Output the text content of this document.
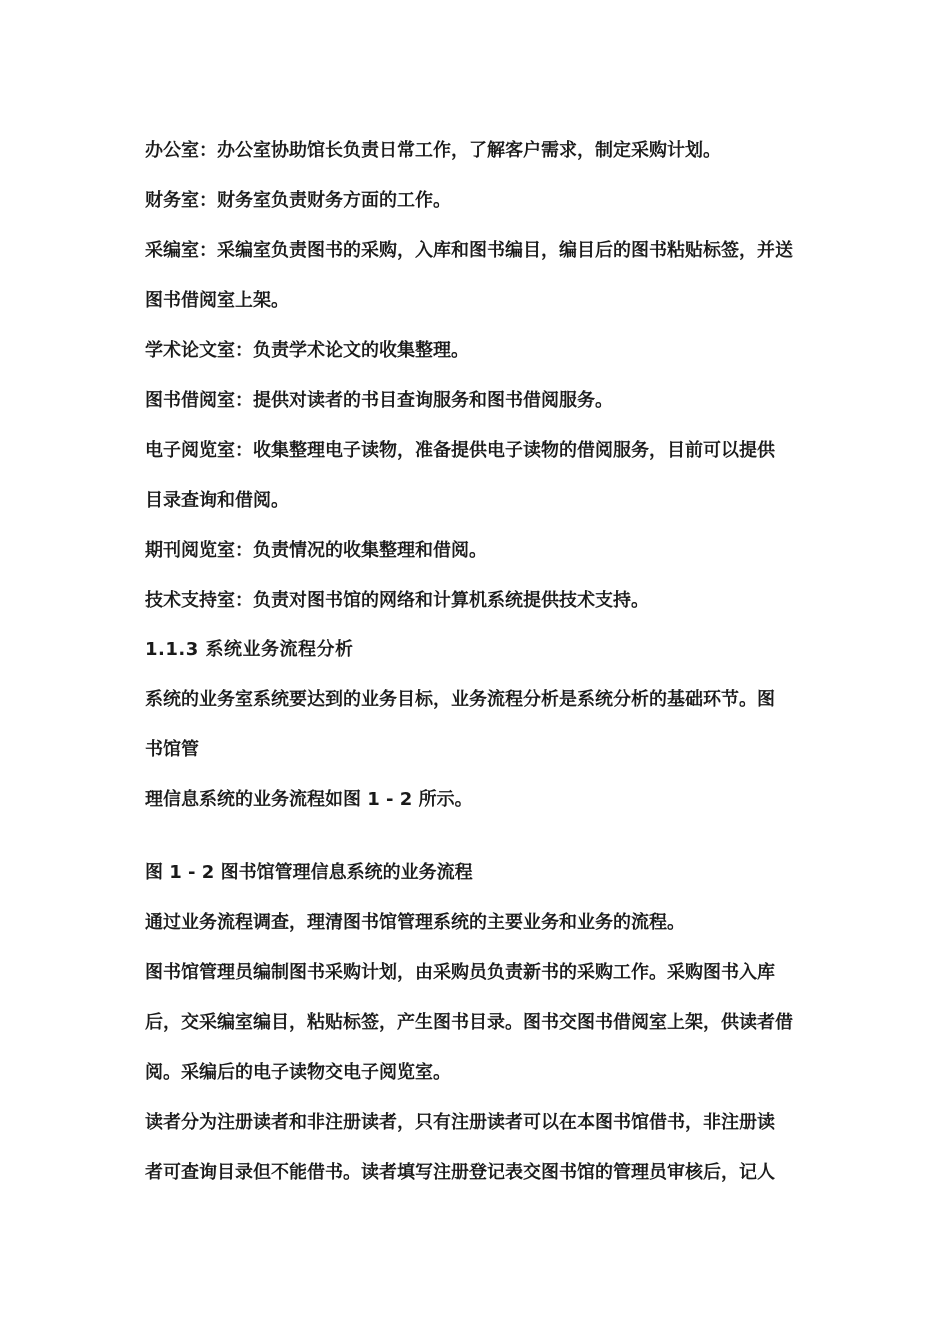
办公室：办公室协助馆长负责日常工作，了解客户需求，制定采购计划。

财务室：财务室负责财务方面的工作。

采编室：采编室负责图书的采购，入库和图书编目，编目后的图书粘贴标签，并送

图书借阅室上架。

学术论文室：负责学术论文的收集整理。

图书借阅室：提供对读者的书目查询服务和图书借阅服务。

电子阅览室：收集整理电子读物，准备提供电子读物的借阅服务，目前可以提供

目录查询和借阅。

期刊阅览室：负责情况的收集整理和借阅。

技术支持室：负责对图书馆的网络和计算机系统提供技术支持。

1.1.3 系统业务流程分析

系统的业务室系统要达到的业务目标，业务流程分析是系统分析的基础环节。图

书馆管

理信息系统的业务流程如图 1 - 2 所示。

图 1 - 2 图书馆管理信息系统的业务流程

通过业务流程调查，理清图书馆管理系统的主要业务和业务的流程。

图书馆管理员编制图书采购计划，由采购员负责新书的采购工作。采购图书入库

后，交采编室编目，粘贴标签，产生图书目录。图书交图书借阅室上架，供读者借

阅。采编后的电子读物交电子阅览室。

读者分为注册读者和非注册读者，只有注册读者可以在本图书馆借书，非注册读

者可查询目录但不能借书。读者填写注册登记表交图书馆的管理员审核后，记人
